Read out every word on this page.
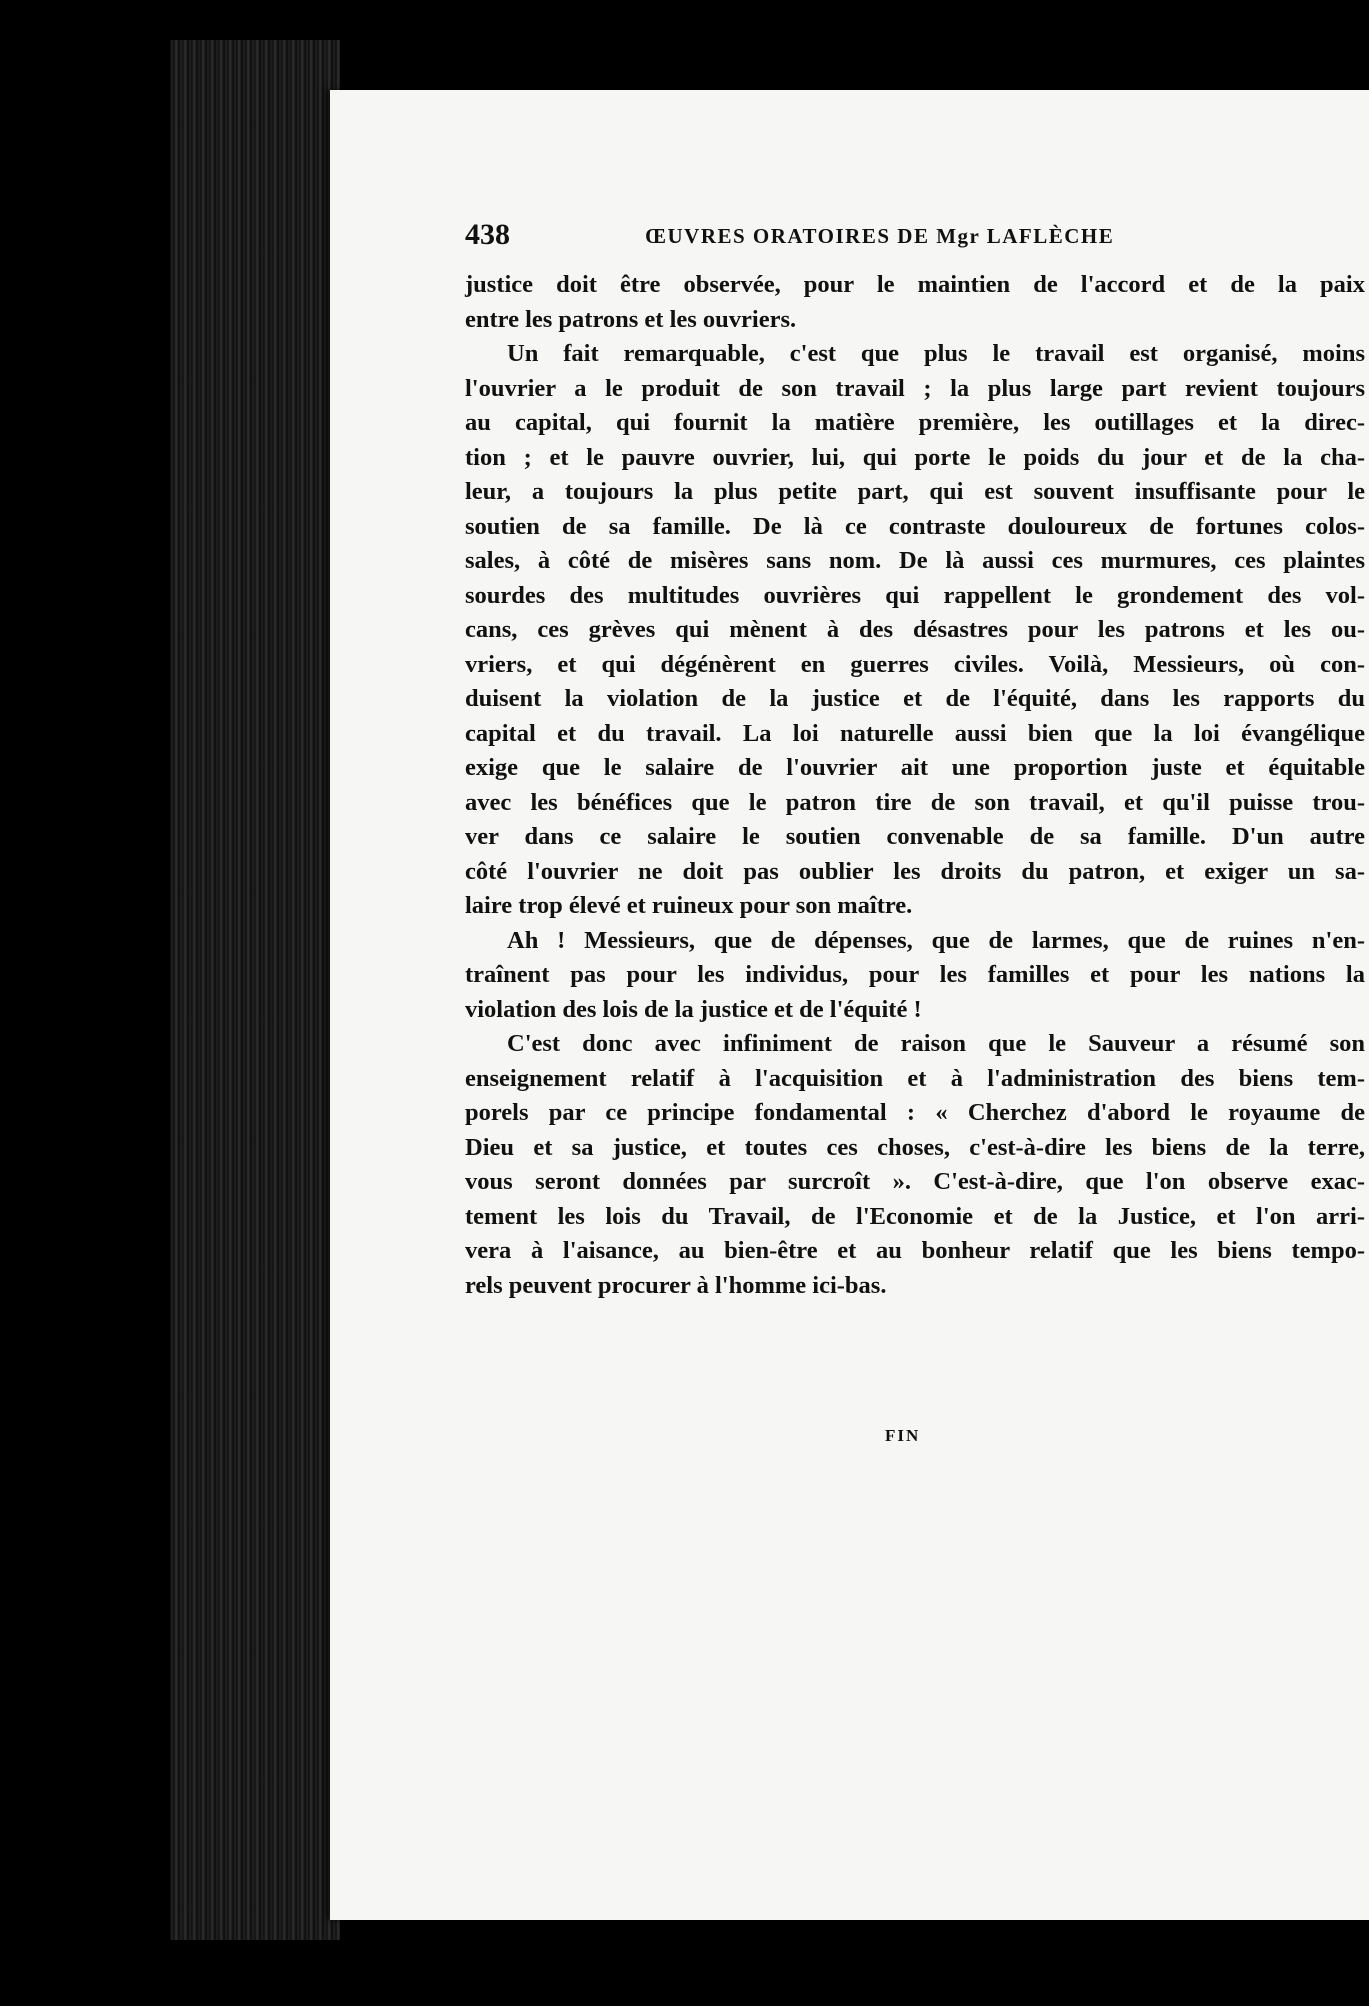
438	ŒUVRES ORATOIRES DE Mgr LAFLÈCHE
justice doit être observée, pour le maintien de l'accord et de la paix
entre les patrons et les ouvriers.
Un fait remarquable, c'est que plus le travail est organisé, moins
l'ouvrier a le produit de son travail ; la plus large part revient toujours
au capital, qui fournit la matière première, les outillages et la direc-
tion ; et le pauvre ouvrier, lui, qui porte le poids du jour et de la cha-
leur, a toujours la plus petite part, qui est souvent insuffisante pour le
soutien de sa famille. De là ce contraste douloureux de fortunes colos-
sales, à côté de misères sans nom. De là aussi ces murmures, ces plaintes
sourdes des multitudes ouvrières qui rappellent le grondement des vol-
cans, ces grèves qui mènent à des désastres pour les patrons et les ou-
vriers, et qui dégénèrent en guerres civiles. Voilà, Messieurs, où con-
duisent la violation de la justice et de l'équité, dans les rapports du
capital et du travail. La loi naturelle aussi bien que la loi évangélique
exige que le salaire de l'ouvrier ait une proportion juste et équitable
avec les bénéfices que le patron tire de son travail, et qu'il puisse trou-
ver dans ce salaire le soutien convenable de sa famille. D'un autre
côté l'ouvrier ne doit pas oublier les droits du patron, et exiger un sa-
laire trop élevé et ruineux pour son maître.
Ah ! Messieurs, que de dépenses, que de larmes, que de ruines n'en-
traînent pas pour les individus, pour les familles et pour les nations la
violation des lois de la justice et de l'équité !
C'est donc avec infiniment de raison que le Sauveur a résumé son
enseignement relatif à l'acquisition et à l'administration des biens tem-
porels par ce principe fondamental : « Cherchez d'abord le royaume de
Dieu et sa justice, et toutes ces choses, c'est-à-dire les biens de la terre,
vous seront données par surcroît ». C'est-à-dire, que l'on observe exac-
tement les lois du Travail, de l'Economie et de la Justice, et l'on arri-
vera à l'aisance, au bien-être et au bonheur relatif que les biens tempo-
rels peuvent procurer à l'homme ici-bas.
FIN
